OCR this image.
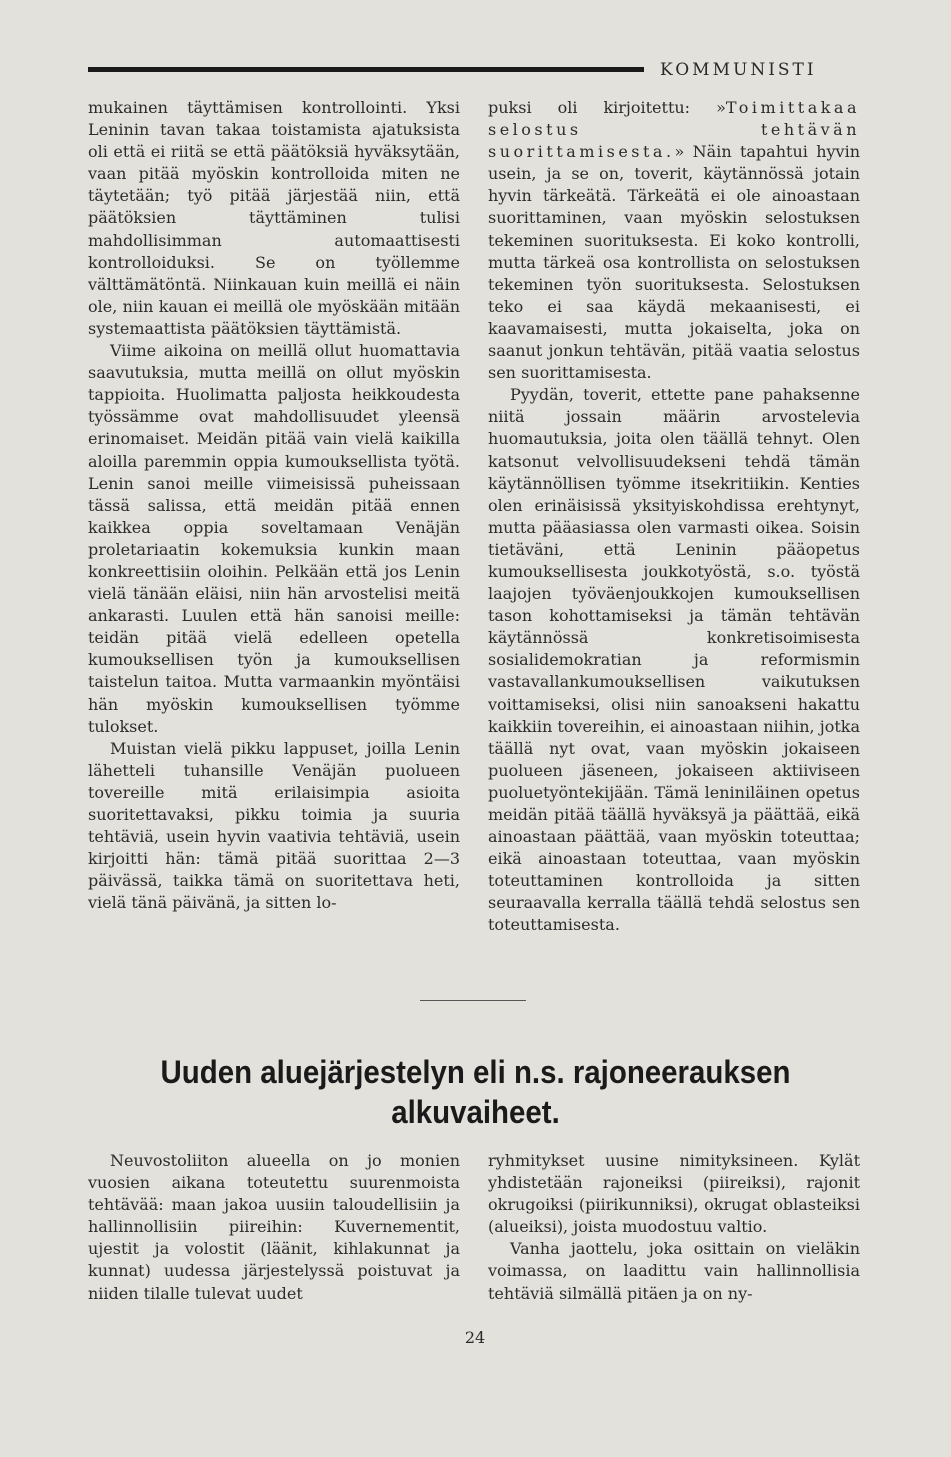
KOMMUNISTI

mukainen täyttämisen kontrollointi. Yksi Leninin tavan takaa toistamista ajatuksista oli että ei riitä se että päätöksiä hyväksytään, vaan pitää myöskin kontrolloida miten ne täytetään; työ pitää järjestää niin, että päätöksien täyttäminen tulisi mahdollisimman automaattisesti kontrolloiduksi. Se on työllemme välttämätöntä. Niinkauan kuin meillä ei näin ole, niin kauan ei meillä ole myöskään mitään systemaattista päätöksien täyttämistä.

Viime aikoina on meillä ollut huomattavia saavutuksia, mutta meillä on ollut myöskin tappioita. Huolimatta paljosta heikkoudesta työssämme ovat mahdollisuudet yleensä erinomaiset. Meidän pitää vain vielä kaikilla aloilla paremmin oppia kumouksellista työtä. Lenin sanoi meille viimeisissä puheissaan tässä salissa, että meidän pitää ennen kaikkea oppia soveltamaan Venäjän proletariaatin kokemuksia kunkin maan konkreettisiin oloihin. Pelkään että jos Lenin vielä tänään eläisi, niin hän arvostelisi meitä ankarasti. Luulen että hän sanoisi meille: teidän pitää vielä edelleen opetella kumouksellisen työn ja kumouksellisen taistelun taitoa. Mutta varmaankin myöntäisi hän myöskin kumouksellisen työmme tulokset.

Muistan vielä pikku lappuset, joilla Lenin lähetteli tuhansille Venäjän puolueen tovereille mitä erilaisimpia asioita suoritettavaksi, pikku toimia ja suuria tehtäviä, usein hyvin vaativia tehtäviä, usein kirjoitti hän: tämä pitää suorittaa 2—3 päivässä, taikka tämä on suoritettava heti, vielä tänä päivänä, ja sitten lo-

puksi oli kirjoitettu: »Toimittakaa selostus tehtävän suorittamisesta.» Näin tapahtui hyvin usein, ja se on, toverit, käytännössä jotain hyvin tärkeätä. Tärkeätä ei ole ainoastaan suorittaminen, vaan myöskin selostuksen tekeminen suorituksesta. Ei koko kontrolli, mutta tärkeä osa kontrollista on selostuksen tekeminen työn suorituksesta. Selostuksen teko ei saa käydä mekaanisesti, ei kaavamaisesti, mutta jokaiselta, joka on saanut jonkun tehtävän, pitää vaatia selostus sen suorittamisesta.

Pyydän, toverit, ettette pane pahaksenne niitä jossain määrin arvostelevia huomautuksia, joita olen täällä tehnyt. Olen katsonut velvollisuudekseni tehdä tämän käytännöllisen työmme itsekritiikin. Kenties olen erinäisissä yksityiskohdissa erehtynyt, mutta pääasiassa olen varmasti oikea. Soisin tietäväni, että Leninin pääopetus kumouksellisesta joukkotyöstä, s.o. työstä laajojen työväenjoukkojen kumouksellisen tason kohottamiseksi ja tämän tehtävän käytännössä konkretisoimisesta sosialidemokratian ja reformismin vastavallankumouksellisen vaikutuksen voittamiseksi, olisi niin sanoakseni hakattu kaikkiin tovereihin, ei ainoastaan niihin, jotka täällä nyt ovat, vaan myöskin jokaiseen puolueen jäseneen, jokaiseen aktiiviseen puoluetyöntekijään. Tämä leniniläinen opetus meidän pitää täällä hyväksyä ja päättää, eikä ainoastaan päättää, vaan myöskin toteuttaa; eikä ainoastaan toteuttaa, vaan myöskin toteuttaminen kontrolloida ja sitten seuraavalla kerralla täällä tehdä selostus sen toteuttamisesta.

Uuden aluejärjestelyn eli n.s. rajoneerauksen alkuvaiheet.

Neuvostoliiton alueella on jo monien vuosien aikana toteutettu suurenmoista tehtävää: maan jakoa uusiin taloudellisiin ja hallinnollisiin piireihin: Kuvernementit, ujestit ja volostit (läänit, kihlakunnat ja kunnat) uudessa järjestelyssä poistuvat ja niiden tilalle tulevat uudet

ryhmitykset uusine nimityksineen. Kylät yhdistetään rajoneiksi (piireiksi), rajonit okrugoiksi (piirikunniksi), okrugat oblasteiksi (alueiksi), joista muodostuu valtio.

Vanha jaottelu, joka osittain on vieläkin voimassa, on laadittu vain hallinnollisia tehtäviä silmällä pitäen ja on ny-

24
